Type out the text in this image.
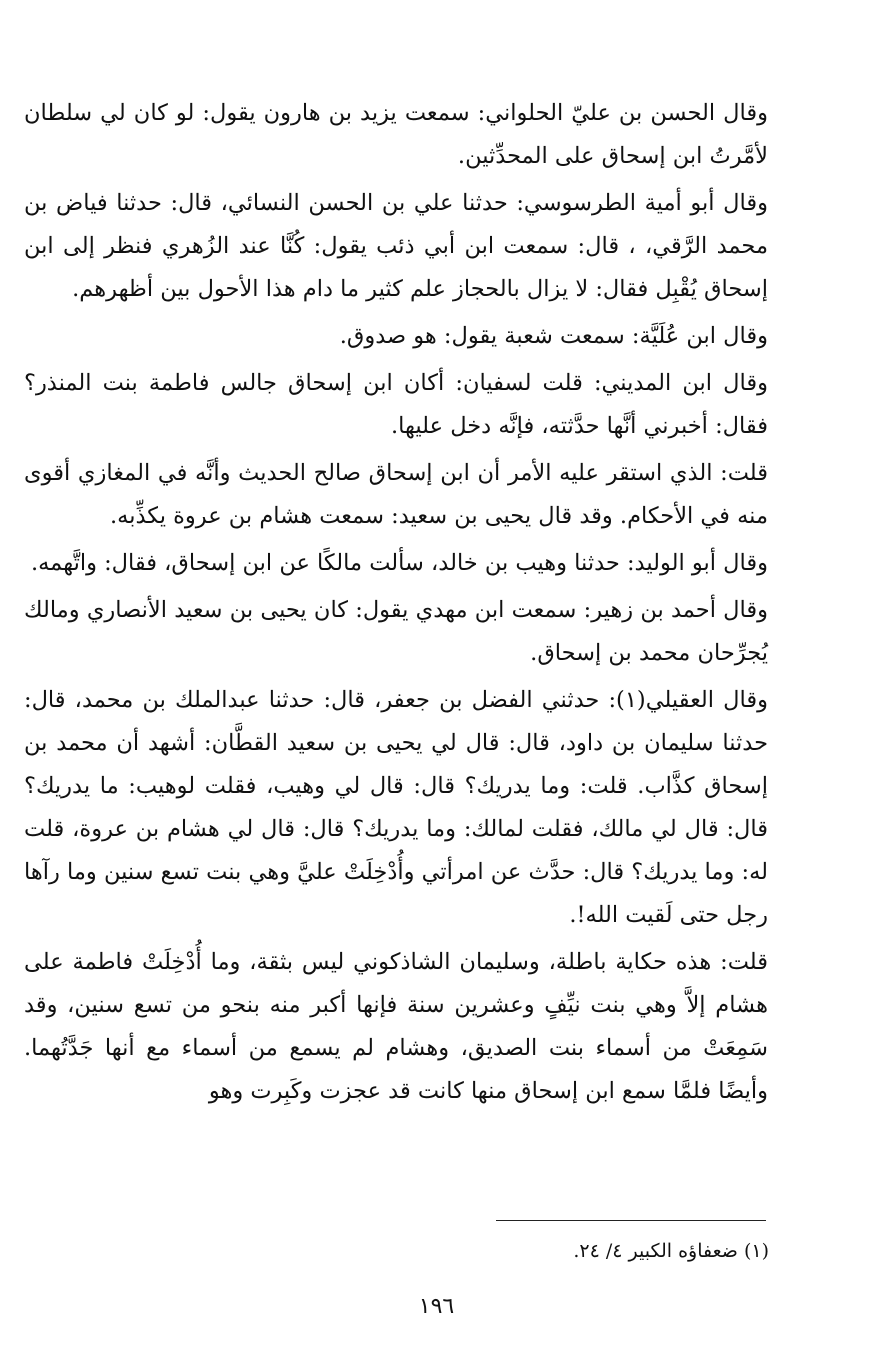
وقال الحسن بن عليّ الحلواني: سمعت يزيد بن هارون يقول: لو كان لي سلطان لأمَّرتُ ابن إسحاق على المحدِّثين.

وقال أبو أمية الطرسوسي: حدثنا علي بن الحسن النسائي، قال: حدثنا فياض بن محمد الرَّقي، ، قال: سمعت ابن أبي ذئب يقول: كُنَّا عند الزُهري فنظر إلى ابن إسحاق يُقْبِل فقال: لا يزال بالحجاز علم كثير ما دام هذا الأحول بين أظهرهم.

وقال ابن عُلَيَّة: سمعت شعبة يقول: هو صدوق.

وقال ابن المديني: قلت لسفيان: أكان ابن إسحاق جالس فاطمة بنت المنذر؟ فقال: أخبرني أنَّها حدَّثته، فإنَّه دخل عليها.

قلت: الذي استقر عليه الأمر أن ابن إسحاق صالح الحديث وأنَّه في المغازي أقوى منه في الأحكام. وقد قال يحيى بن سعيد: سمعت هشام بن عروة يكذِّبه.

وقال أبو الوليد: حدثنا وهيب بن خالد، سألت مالكًا عن ابن إسحاق، فقال: واتَّهمه.

وقال أحمد بن زهير: سمعت ابن مهدي يقول: كان يحيى بن سعيد الأنصاري ومالك يُجرِّحان محمد بن إسحاق.

وقال العقيلي(١): حدثني الفضل بن جعفر، قال: حدثنا عبدالملك بن محمد، قال: حدثنا سليمان بن داود، قال: قال لي يحيى بن سعيد القطَّان: أشهد أن محمد بن إسحاق كذَّاب. قلت: وما يدريك؟ قال: قال لي وهيب، فقلت لوهيب: ما يدريك؟ قال: قال لي مالك، فقلت لمالك: وما يدريك؟ قال: قال لي هشام بن عروة، قلت له: وما يدريك؟ قال: حدَّث عن امرأتي وأُدْخِلَتْ عليَّ وهي بنت تسع سنين وما رآها رجل حتى لَقيت الله!.

قلت: هذه حكاية باطلة، وسليمان الشاذكوني ليس بثقة، وما أُدْخِلَتْ فاطمة على هشام إلاَّ وهي بنت نيِّفٍ وعشرين سنة فإنها أكبر منه بنحو من تسع سنين، وقد سَمِعَتْ من أسماء بنت الصديق، وهشام لم يسمع من أسماء مع أنها جَدَّتُهما. وأيضًا فلمَّا سمع ابن إسحاق منها كانت قد عجزت وكَبِرت وهو

(١) ضعفاؤه الكبير ٤/ ٢٤.
١٩٦
